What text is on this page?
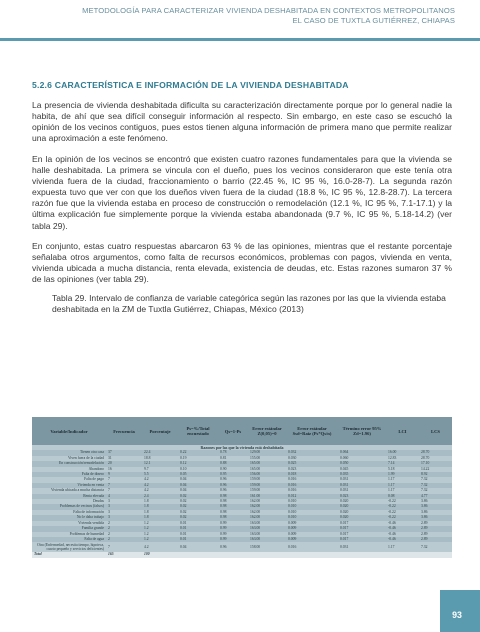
METODOLOGÍA PARA CARACTERIZAR VIVIENDA DESHABITADA EN CONTEXTOS METROPOLITANOS
EL CASO DE TUXTLA GUTIÉRREZ, CHIAPAS
5.2.6 CARACTERÍSTICA E INFORMACIÓN DE LA VIVIENDA DESHABITADA
La presencia de vivienda deshabitada dificulta su caracterización directamente porque por lo general nadie la habita, de ahí que sea difícil conseguir información al respecto. Sin embargo, en este caso se escuchó la opinión de los vecinos contiguos, pues estos tienen alguna información de primera mano que permite realizar una aproximación a este fenómeno.
En la opinión de los vecinos se encontró que existen cuatro razones fundamentales para que la vivienda se halle deshabitada. La primera se vincula con el dueño, pues los vecinos consideraron que este tenía otra vivienda fuera de la ciudad, fraccionamiento o barrio (22.45 %, IC 95 %, 16.0-28-7). La segunda razón expuesta tuvo que ver con que los dueños viven fuera de la ciudad (18.8 %, IC 95 %, 12.8-28.7). La tercera razón fue que la vivienda estaba en proceso de construcción o remodelación (12.1 %, IC 95 %, 7.1-17.1) y la última explicación fue simplemente porque la vivienda estaba abandonada (9.7 %, IC 95 %, 5.18-14.2) (ver tabla 29).
En conjunto, estas cuatro respuestas abarcaron 63 % de las opiniones, mientras que el restante porcentaje señalaba otros argumentos, como falta de recursos económicos, problemas con pagos, vivienda en venta, vivienda ubicada a mucha distancia, renta elevada, existencia de deudas, etc. Estas razones sumaron 37 % de las opiniones (ver tabla 29).
Tabla 29. Intervalo de confianza de variable categórica según las razones por las que la vivienda estaba deshabitada en la ZM de Tuxtla Gutiérrez, Chiapas, México (2013)
Variable/Indicador	Frecuencia	Porcentaje	Ps=%/Total encuestado	Qs=1-Ps	Error estándar Z(0,05)=0	Error estándar Ssd=Raíz (Ps*Qs/n)	Término error 95% Zd=1.96)	LCI	LCS
Razones por las que la vivienda está deshabitada									
Tienen otra casa	37	22.4	0.22	0.78	129.00	0.032	0.064	16.00	28.70
Viven fuera de la ciudad	31	18.8	0.19	0.81	155.00	0.030	0.060	12.83	28.70
En construcción/remodelación	20	12.1	0.12	0.88	165.00	0.025	0.050	7.14	17.10
Abandono	16	9.7	0.10	0.90	165.00	0.023	0.045	5.18	14.22
Falta de dinero	9	5.5	0.05	0.95	156.00	0.018	0.035	1.99	8.92
Falta de pago	7	4.2	0.04	0.96	159.00	0.016	0.031	1.17	7.32
Vivienda en venta	7	4.2	0.04	0.96	159.00	0.016	0.031	1.17	7.32
Vivienda ubicada a mucha distancia	7	4.2	0.04	0.96	159.00	0.016	0.031	1.17	7.32
Renta elevada	4	2.4	0.02	0.98	161.00	0.012	0.023	0.08	4.77
Deudas	3	1.8	0.02	0.98	162.00	0.010	0.020	-0.22	3.86
Problemas de vecinos (falsos)	3	1.8	0.02	0.98	162.00	0.010	0.020	-0.22	3.86
Falta de información	3	1.8	0.02	0.98	162.00	0.010	0.020	-0.22	3.86
No le daba trabajo	3	1.8	0.02	0.98	162.00	0.010	0.020	-0.22	3.86
Vivienda vendida	2	1.2	0.01	0.99	163.00	0.009	0.017	-0.46	2.89
Familia grande	2	1.2	0.01	0.99	163.00	0.009	0.017	-0.46	2.89
Problemas de humedad	2	1.2	0.01	0.99	163.00	0.009	0.017	-0.46	2.89
Falta de agua	2	1.2	0.01	0.99	163.00	0.009	0.017	-0.46	2.89
Otra (Enfermedad, necesita tiempo, hipoteca, cuarto pequeño y servicios deficientes)	7	4.2	0.04	0.96	158.00	0.016	0.031	1.17	7.32
Total	165	100							
93
